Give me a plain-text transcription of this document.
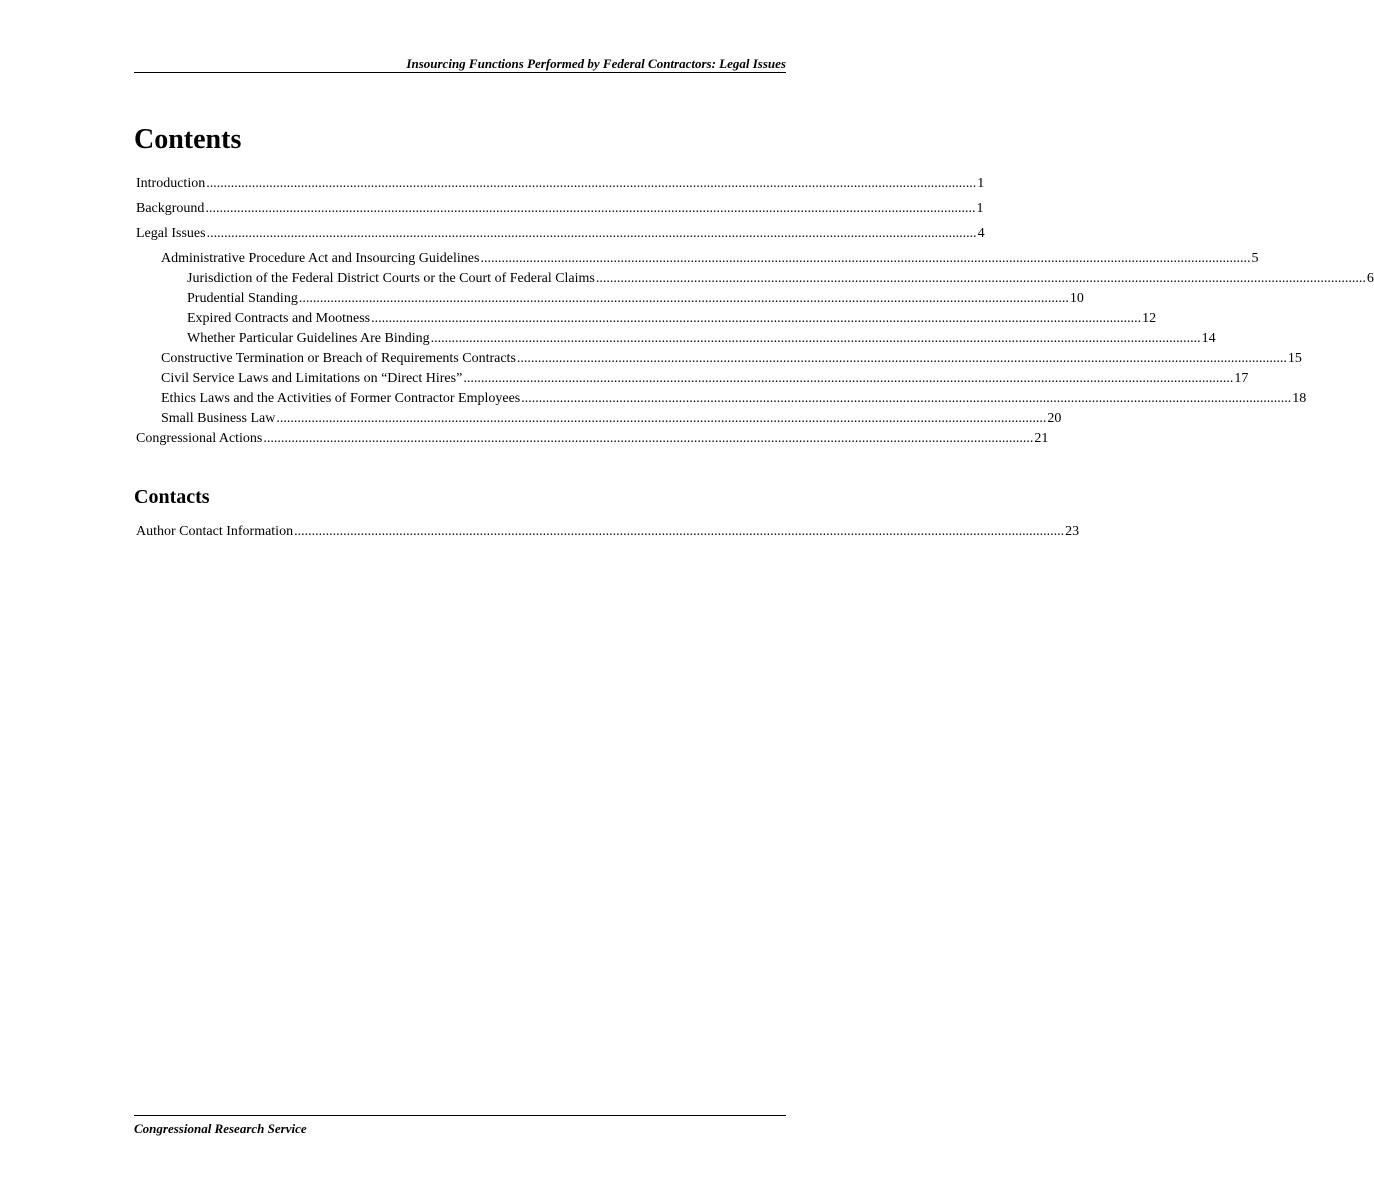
Insourcing Functions Performed by Federal Contractors: Legal Issues
Contents
Introduction ............................................................................................................................................................................................................................ 1
Background ............................................................................................................................................................................................................................ 1
Legal Issues ............................................................................................................................................................................................................................ 4
Administrative Procedure Act and Insourcing Guidelines ............................................................................................................................................................................................................................ 5
Jurisdiction of the Federal District Courts or the Court of Federal Claims ............................................................................................................................................................................................................................ 6
Prudential Standing ............................................................................................................................................................................................................................ 10
Expired Contracts and Mootness ............................................................................................................................................................................................................................ 12
Whether Particular Guidelines Are Binding ............................................................................................................................................................................................................................ 14
Constructive Termination or Breach of Requirements Contracts ............................................................................................................................................................................................................................ 15
Civil Service Laws and Limitations on “Direct Hires” ............................................................................................................................................................................................................................ 17
Ethics Laws and the Activities of Former Contractor Employees ............................................................................................................................................................................................................................ 18
Small Business Law ............................................................................................................................................................................................................................ 20
Congressional Actions ............................................................................................................................................................................................................................ 21
Contacts
Author Contact Information ............................................................................................................................................................................................................................ 23
Congressional Research Service
